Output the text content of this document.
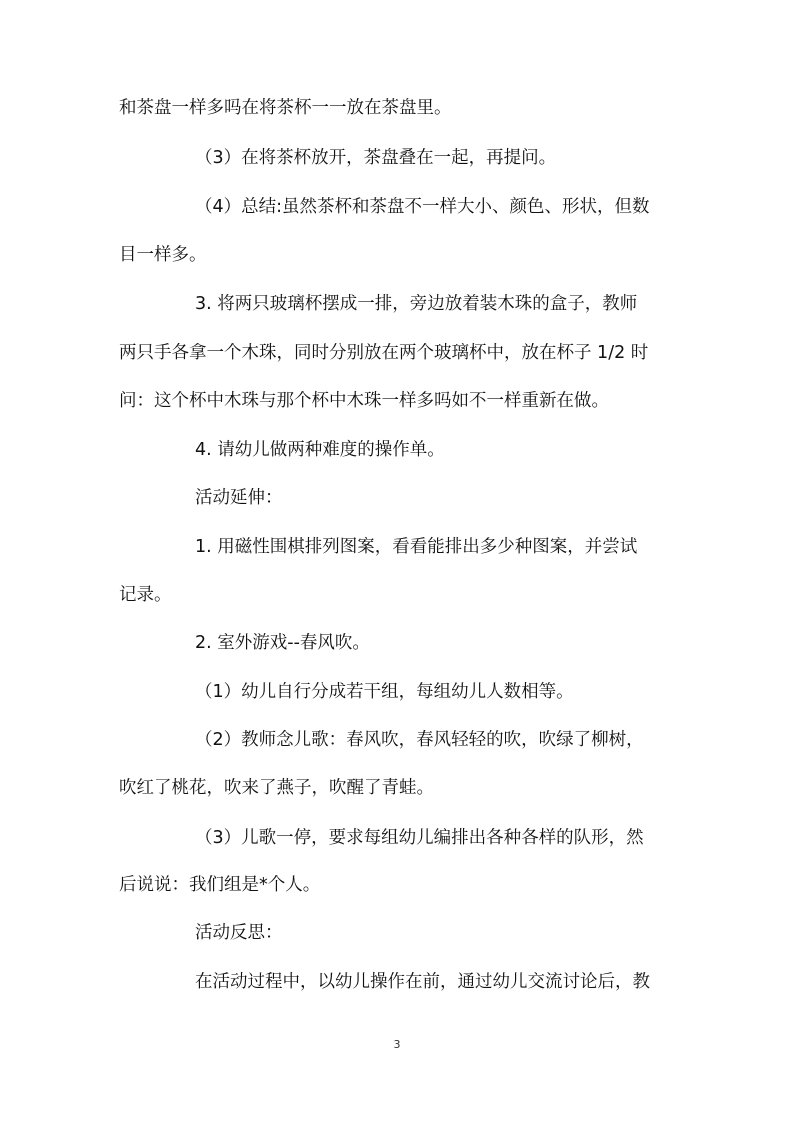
和茶盘一样多吗在将茶杯一一放在茶盘里。
（3）在将茶杯放开，茶盘叠在一起，再提问。
（4）总结:虽然茶杯和茶盘不一样大小、颜色、形状，但数
目一样多。
3. 将两只玻璃杯摆成一排，旁边放着装木珠的盒子，教师
两只手各拿一个木珠，同时分别放在两个玻璃杯中，放在杯子 1/2 时
问：这个杯中木珠与那个杯中木珠一样多吗如不一样重新在做。
4. 请幼儿做两种难度的操作单。
活动延伸：
1. 用磁性围棋排列图案，看看能排出多少种图案，并尝试
记录。
2. 室外游戏--春风吹。
（1）幼儿自行分成若干组，每组幼儿人数相等。
（2）教师念儿歌：春风吹，春风轻轻的吹，吹绿了柳树，
吹红了桃花，吹来了燕子，吹醒了青蛙。
（3）儿歌一停，要求每组幼儿编排出各种各样的队形，然
后说说：我们组是*个人。
活动反思：
在活动过程中，以幼儿操作在前，通过幼儿交流讨论后，教
3
